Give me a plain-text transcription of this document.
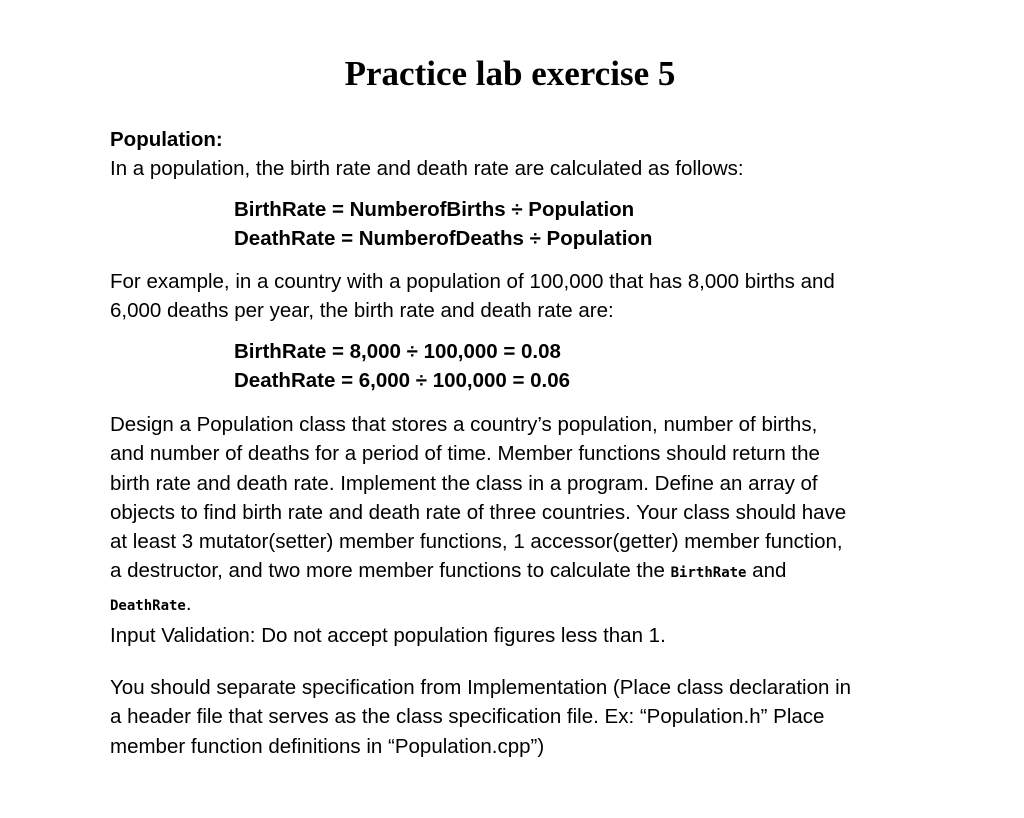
Practice lab exercise 5
Population:
In a population, the birth rate and death rate are calculated as follows:
BirthRate = NumberofBirths ÷ Population
DeathRate = NumberofDeaths ÷ Population
For example, in a country with a population of 100,000 that has 8,000 births and
6,000 deaths per year, the birth rate and death rate are:
BirthRate = 8,000 ÷ 100,000 = 0.08
DeathRate = 6,000 ÷ 100,000 = 0.06
Design a Population class that stores a country’s population, number of births,
and number of deaths for a period of time. Member functions should return the
birth rate and death rate. Implement the class in a program. Define an array of
objects to find birth rate and death rate of three countries. Your class should have
at least 3 mutator(setter) member functions, 1 accessor(getter) member function,
a destructor, and two more member functions to calculate the BirthRate and
DeathRate.
Input Validation: Do not accept population figures less than 1.
You should separate specification from Implementation (Place class declaration in
a header file that serves as the class specification file. Ex: “Population.h” Place
member function definitions in “Population.cpp”)
